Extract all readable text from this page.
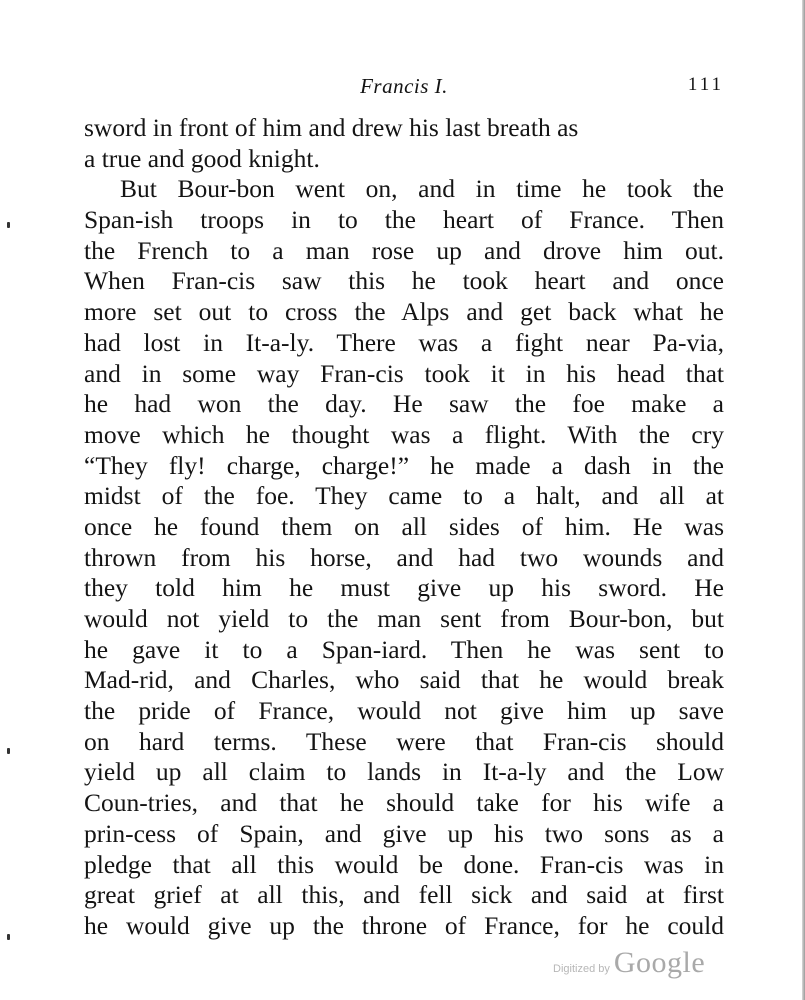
Francis I.	111
sword in front of him and drew his last breath as
a true and good knight.
But Bour-bon went on, and in time he took the
Span-ish troops in to the heart of France. Then
the French to a man rose up and drove him out.
When Fran-cis saw this he took heart and once
more set out to cross the Alps and get back what he
had lost in It-a-ly. There was a fight near Pa-via,
and in some way Fran-cis took it in his head that
he had won the day. He saw the foe make a
move which he thought was a flight. With the cry
“They fly! charge, charge!” he made a dash in the
midst of the foe. They came to a halt, and all at
once he found them on all sides of him. He was
thrown from his horse, and had two wounds and
they told him he must give up his sword. He
would not yield to the man sent from Bour-bon, but
he gave it to a Span-iard. Then he was sent to
Mad-rid, and Charles, who said that he would break
the pride of France, would not give him up save
on hard terms. These were that Fran-cis should
yield up all claim to lands in It-a-ly and the Low
Coun-tries, and that he should take for his wife a
prin-cess of Spain, and give up his two sons as a
pledge that all this would be done. Fran-cis was in
great grief at all this, and fell sick and said at first
he would give up the throne of France, for he could
Digitized by Google
